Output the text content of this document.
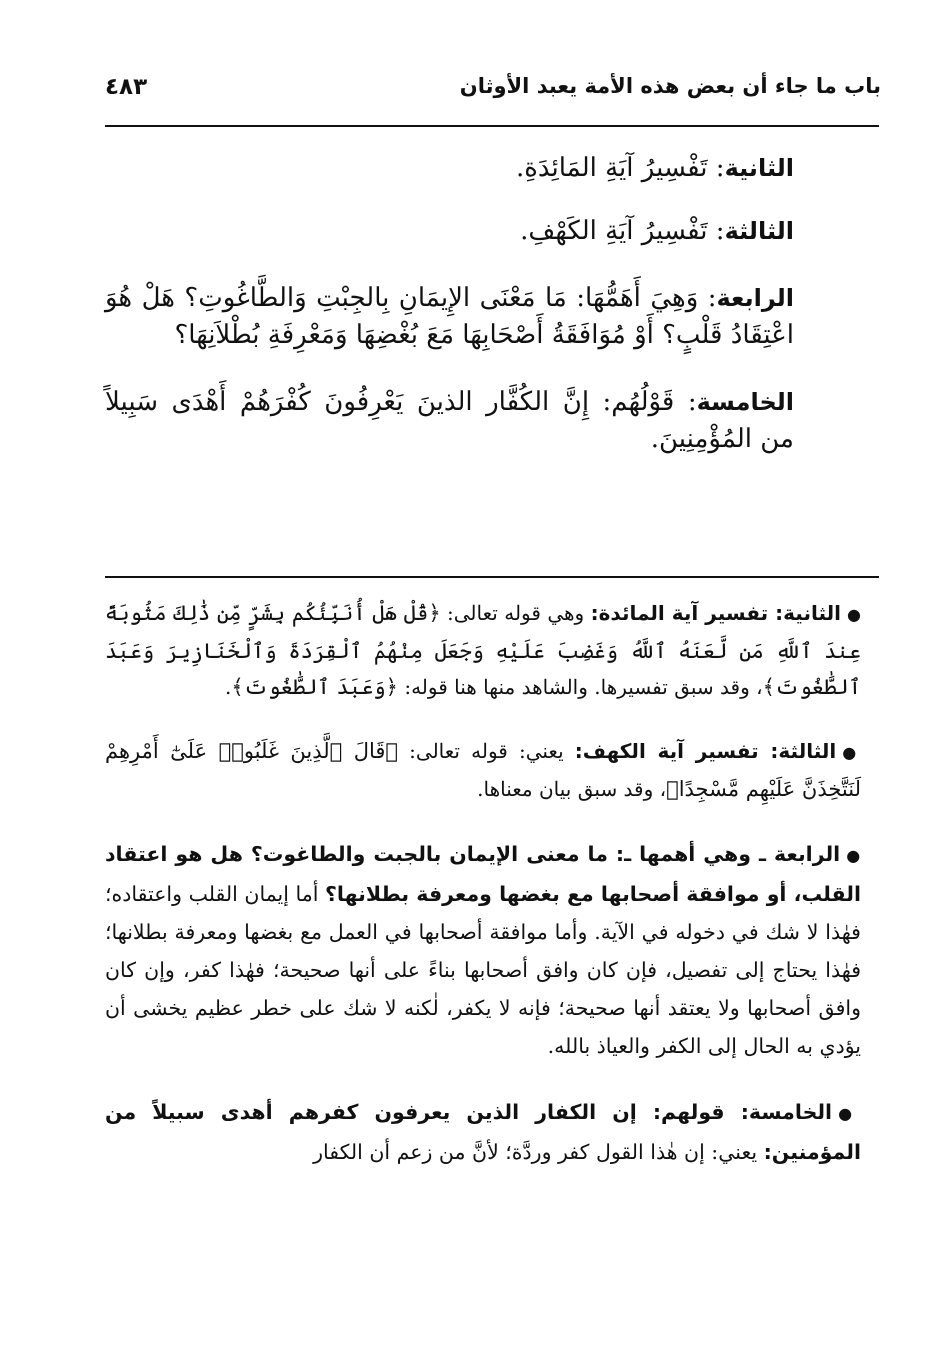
باب ما جاء أن بعض هذه الأمة يعبد الأوثان
٤٨٣

الثانية: تَفْسِيرُ آيَةِ المَائِدَةِ.

الثالثة: تَفْسِيرُ آيَةِ الكَهْفِ.

الرابعة: وَهِيَ أَهَمُّهَا: مَا مَعْنَى الإِيمَانِ بِالجِبْتِ وَالطَّاغُوتِ؟ هَلْ هُوَ اعْتِقَادُ قَلْبٍ؟ أَوْ مُوَافَقَةُ أَصْحَابِهَا مَعَ بُغْضِهَا وَمَعْرِفَةِ بُطْلاَنِهَا؟

الخامسة: قَوْلُهُم: إِنَّ الكُفَّار الذينَ يَعْرِفُونَ كُفْرَهُمْ أَهْدَى سَبِيلاً من المُؤْمِنِينَ.

●الثانية: تفسير آية المائدة: وهي قوله تعالى: ﴿قُلْ هَلْ أُنَبِّئُكُم بِشَرٍّ مِّن ذَٰلِكَ مَثُوبَةً عِندَ ٱللَّهِ مَن لَّعَنَهُ ٱللَّهُ وَغَضِبَ عَلَيْهِ وَجَعَلَ مِنْهُمُ ٱلْقِرَدَةَ وَٱلْخَنَازِيرَ وَعَبَدَ ٱلطَّٰغُوتَ﴾، وقد سبق تفسيرها. والشاهد منها هنا قوله: ﴿وَعَبَدَ ٱلطَّٰغُوتَ﴾.

●الثالثة: تفسير آية الكهف: يعني: قوله تعالى: ﴿قَالَ ٱلَّذِينَ غَلَبُوا۟ عَلَىٰٓ أَمْرِهِمْ لَنَتَّخِذَنَّ عَلَيْهِم مَّسْجِدًا﴾، وقد سبق بيان معناها.

●الرابعة ـ وهي أهمها ـ: ما معنى الإيمان بالجبت والطاغوت؟ هل هو اعتقاد القلب، أو موافقة أصحابها مع بغضها ومعرفة بطلانها؟ أما إيمان القلب واعتقاده؛ فهٰذا لا شك في دخوله في الآية. وأما موافقة أصحابها في العمل مع بغضها ومعرفة بطلانها؛ فهٰذا يحتاج إلى تفصيل، فإن كان وافق أصحابها بناءً على أنها صحيحة؛ فهٰذا كفر، وإن كان وافق أصحابها ولا يعتقد أنها صحيحة؛ فإنه لا يكفر، لٰكنه لا شك على خطر عظيم يخشى أن يؤدي به الحال إلى الكفر والعياذ بالله.

●الخامسة: قولهم: إن الكفار الذين يعرفون كفرهم أهدى سبيلاً من المؤمنين: يعني: إن هٰذا القول كفر وردَّة؛ لأنَّ من زعم أن الكفار
